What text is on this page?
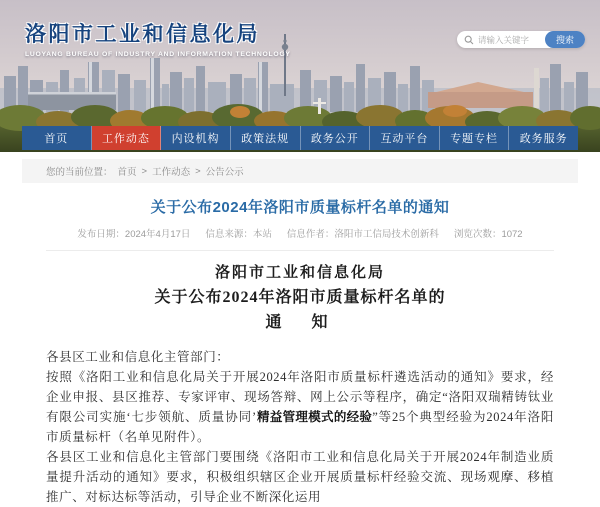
洛阳市工业和信息化局
LUOYANG BUREAU OF INDUSTRY AND INFORMATION TECHNOLOGY
请输入关键字
搜索
首页	工作动态	内设机构	政策法规	政务公开	互动平台	专题专栏	政务服务
您的当前位置： 首页 > 工作动态 > 公告公示
关于公布2024年洛阳市质量标杆名单的通知
发布日期：2024年4月17日 信息来源：本站 信息作者：洛阳市工信局技术创新科 浏览次数：1072
洛阳市工业和信息化局
关于公布2024年洛阳市质量标杆名单的
通　知

各县区工业和信息化主管部门：

按照《洛阳工业和信息化局关于开展2024年洛阳市质量标杆遴选活动的通知》要求，经企业申报、县区推荐、专家评审、现场答辩、网上公示等程序，确定“洛阳双瑞精铸钛业有限公司实施‘七步领航、质量协同’精益管理模式的经验”等25个典型经验为2024年洛阳市质量标杆（名单见附件）。

各县区工业和信息化主管部门要围绕《洛阳市工业和信息化局关于开展2024年制造业质量提升活动的通知》要求，积极组织辖区企业开展质量标杆经验交流、现场观摩、移植推广、对标达标等活动，引导企业不断深化运用
